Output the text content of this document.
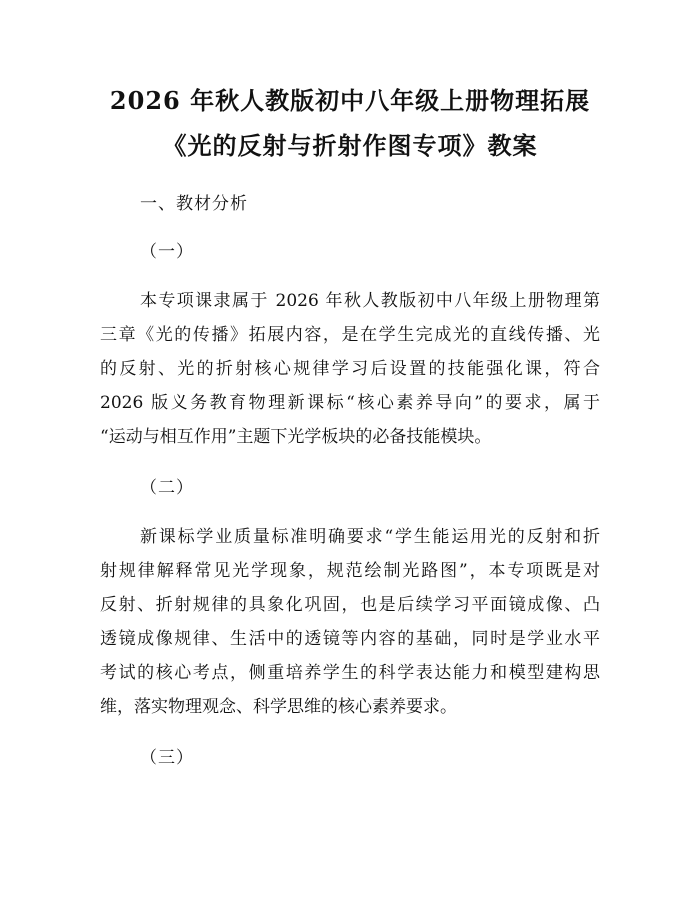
2026 年秋人教版初中八年级上册物理拓展
《光的反射与折射作图专项》教案
一、教材分析
（一）
本专项课隶属于 2026 年秋人教版初中八年级上册物理第
三章《光的传播》拓展内容，是在学生完成光的直线传播、光
的反射、光的折射核心规律学习后设置的技能强化课，符合
2026 版义务教育物理新课标“核心素养导向”的要求，属于
“运动与相互作用”主题下光学板块的必备技能模块。
（二）
新课标学业质量标准明确要求“学生能运用光的反射和折
射规律解释常见光学现象，规范绘制光路图”，本专项既是对
反射、折射规律的具象化巩固，也是后续学习平面镜成像、凸
透镜成像规律、生活中的透镜等内容的基础，同时是学业水平
考试的核心考点，侧重培养学生的科学表达能力和模型建构思
维，落实物理观念、科学思维的核心素养要求。
（三）
